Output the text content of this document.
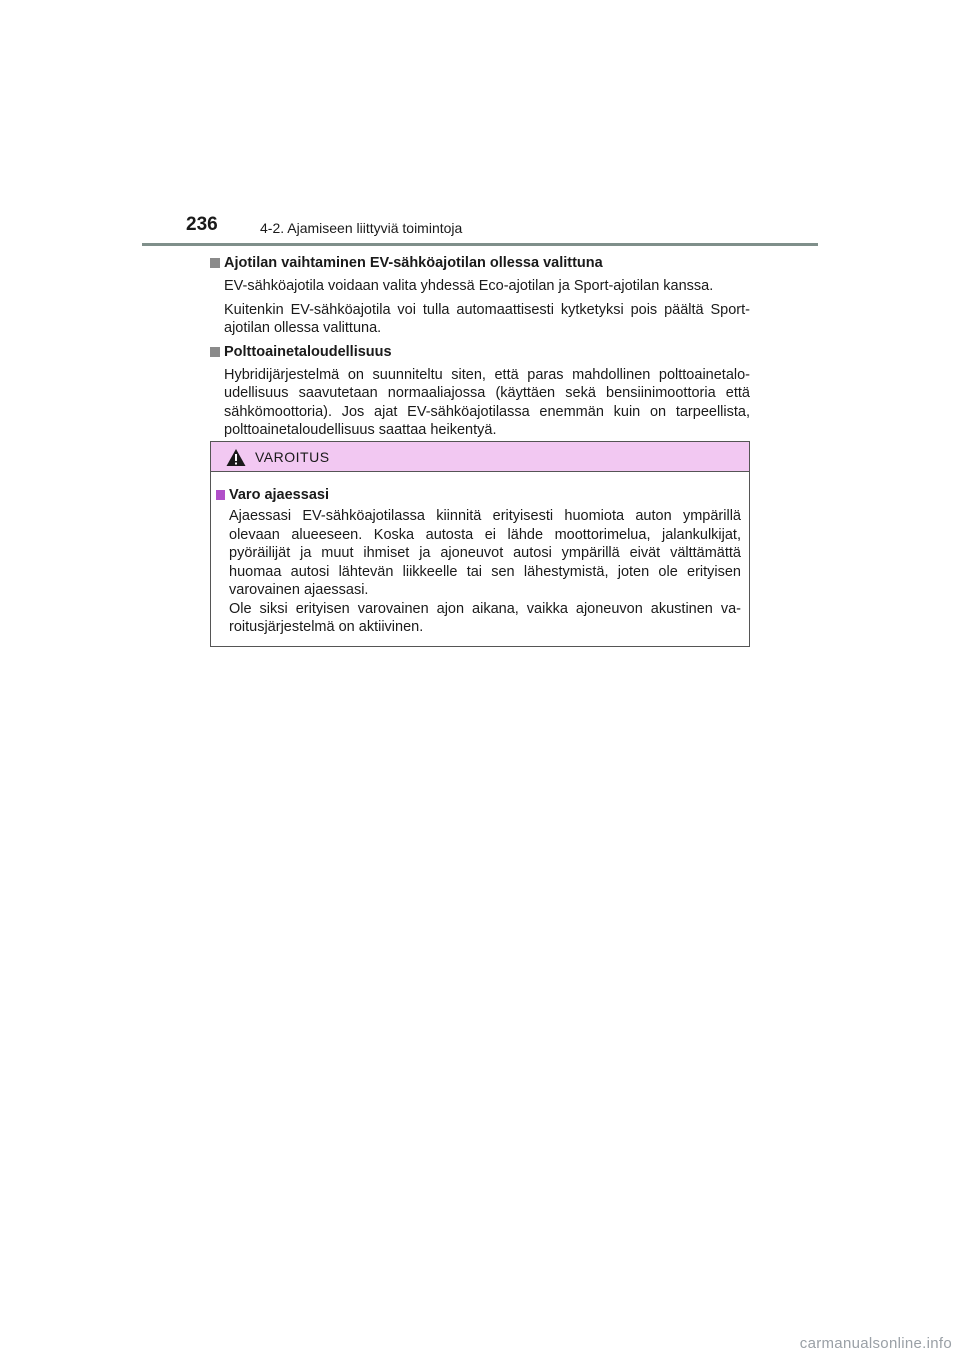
236	4-2. Ajamiseen liittyviä toimintoja
Ajotilan vaihtaminen EV-sähköajotilan ollessa valittuna

EV-sähköajotila voidaan valita yhdessä Eco-ajotilan ja Sport-ajotilan kanssa.

Kuitenkin EV-sähköajotila voi tulla automaattisesti kytketyksi pois päältä Sport-ajotilan ollessa valittuna.

Polttoainetaloudellisuus

Hybridijärjestelmä on suunniteltu siten, että paras mahdollinen polttoainetalo-udellisuus saavutetaan normaaliajossa (käyttäen sekä bensiinimoottoria että sähkömoottoria). Jos ajat EV-sähköajotilassa enemmän kuin on tarpeellista, polttoainetaloudellisuus saattaa heikentyä.

VAROITUS
Varo ajaessasi

Ajaessasi EV-sähköajotilassa kiinnitä erityisesti huomiota auton ympärillä olevaan alueeseen. Koska autosta ei lähde moottorimelua, jalankulkijat, pyöräilijät ja muut ihmiset ja ajoneuvot autosi ympärillä eivät välttämättä huomaa autosi lähtevän liikkeelle tai sen lähestymistä, joten ole erityisen varovainen ajaessasi.

Ole siksi erityisen varovainen ajon aikana, vaikka ajoneuvon akustinen va-roitusjärjestelmä on aktiivinen.

carmanualsonline.info
